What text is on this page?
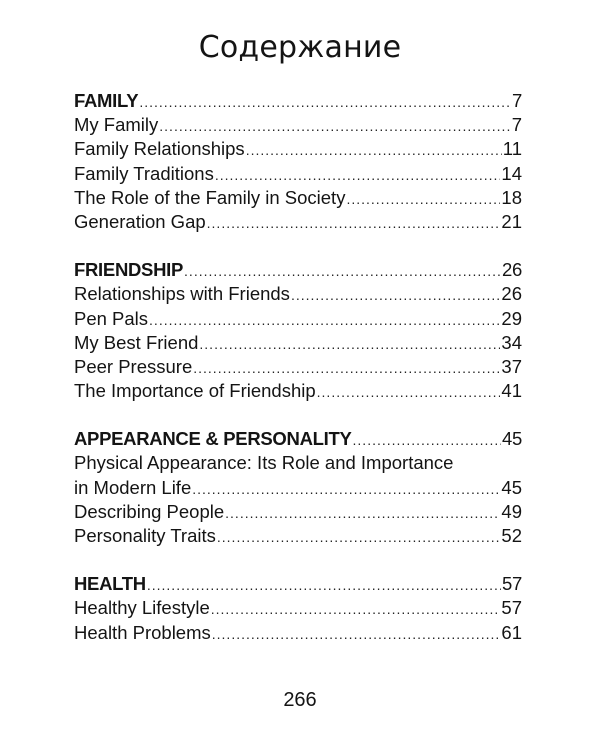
Содержание
FAMILY .....	7
My Family .....	7
Family Relationships .....	11
Family Traditions .....	14
The Role of the Family in Society .....	18
Generation Gap .....	21
FRIENDSHIP .....	26
Relationships with Friends .....	26
Pen Pals .....	29
My Best Friend .....	34
Peer Pressure .....	37
The Importance of Friendship .....	41
APPEARANCE & PERSONALITY .....	45
Physical Appearance: Its Role and Importance
in Modern Life .....	45
Describing People .....	49
Personality Traits .....	52
HEALTH .....	57
Healthy Lifestyle .....	57
Health Problems .....	61
266
